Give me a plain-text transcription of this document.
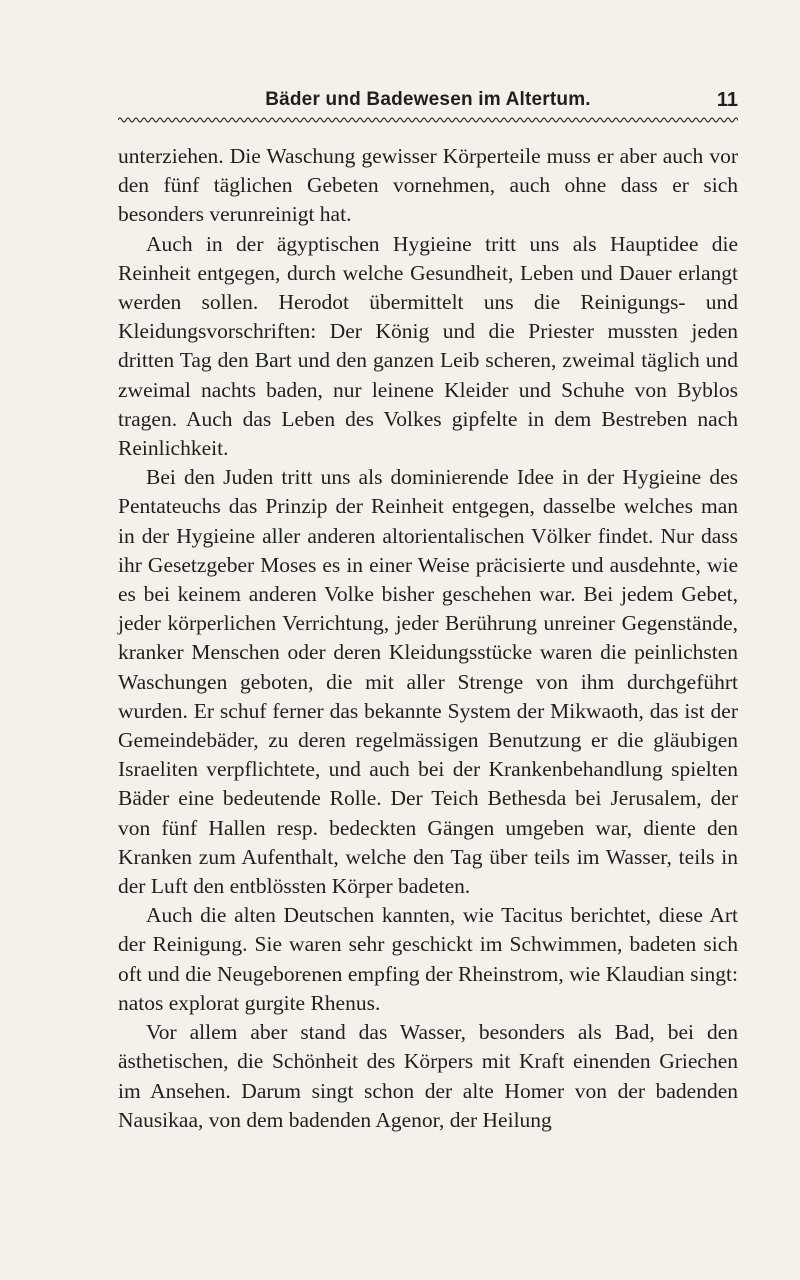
Bäder und Badewesen im Altertum.	11

unterziehen. Die Waschung gewisser Körperteile muss er aber auch vor den fünf täglichen Gebeten vornehmen, auch ohne dass er sich besonders verunreinigt hat.

Auch in der ägyptischen Hygieine tritt uns als Hauptidee die Reinheit entgegen, durch welche Gesundheit, Leben und Dauer erlangt werden sollen. Herodot übermittelt uns die Reinigungs- und Kleidungsvorschriften: Der König und die Priester mussten jeden dritten Tag den Bart und den ganzen Leib scheren, zweimal täglich und zweimal nachts baden, nur leinene Kleider und Schuhe von Byblos tragen. Auch das Leben des Volkes gipfelte in dem Bestreben nach Reinlichkeit.

Bei den Juden tritt uns als dominierende Idee in der Hygieine des Pentateuchs das Prinzip der Reinheit entgegen, dasselbe welches man in der Hygieine aller anderen altorientalischen Völker findet. Nur dass ihr Gesetzgeber Moses es in einer Weise präcisierte und ausdehnte, wie es bei keinem anderen Volke bisher geschehen war. Bei jedem Gebet, jeder körperlichen Verrichtung, jeder Berührung unreiner Gegenstände, kranker Menschen oder deren Kleidungsstücke waren die peinlichsten Waschungen geboten, die mit aller Strenge von ihm durchgeführt wurden. Er schuf ferner das bekannte System der Mikwaoth, das ist der Gemeindebäder, zu deren regelmässigen Benutzung er die gläubigen Israeliten verpflichtete, und auch bei der Krankenbehandlung spielten Bäder eine bedeutende Rolle. Der Teich Bethesda bei Jerusalem, der von fünf Hallen resp. bedeckten Gängen umgeben war, diente den Kranken zum Aufenthalt, welche den Tag über teils im Wasser, teils in der Luft den entblössten Körper badeten.

Auch die alten Deutschen kannten, wie Tacitus berichtet, diese Art der Reinigung. Sie waren sehr geschickt im Schwimmen, badeten sich oft und die Neugeborenen empfing der Rheinstrom, wie Klaudian singt: natos explorat gurgite Rhenus.

Vor allem aber stand das Wasser, besonders als Bad, bei den ästhetischen, die Schönheit des Körpers mit Kraft einenden Griechen im Ansehen. Darum singt schon der alte Homer von der badenden Nausikaa, von dem badenden Agenor, der Heilung
